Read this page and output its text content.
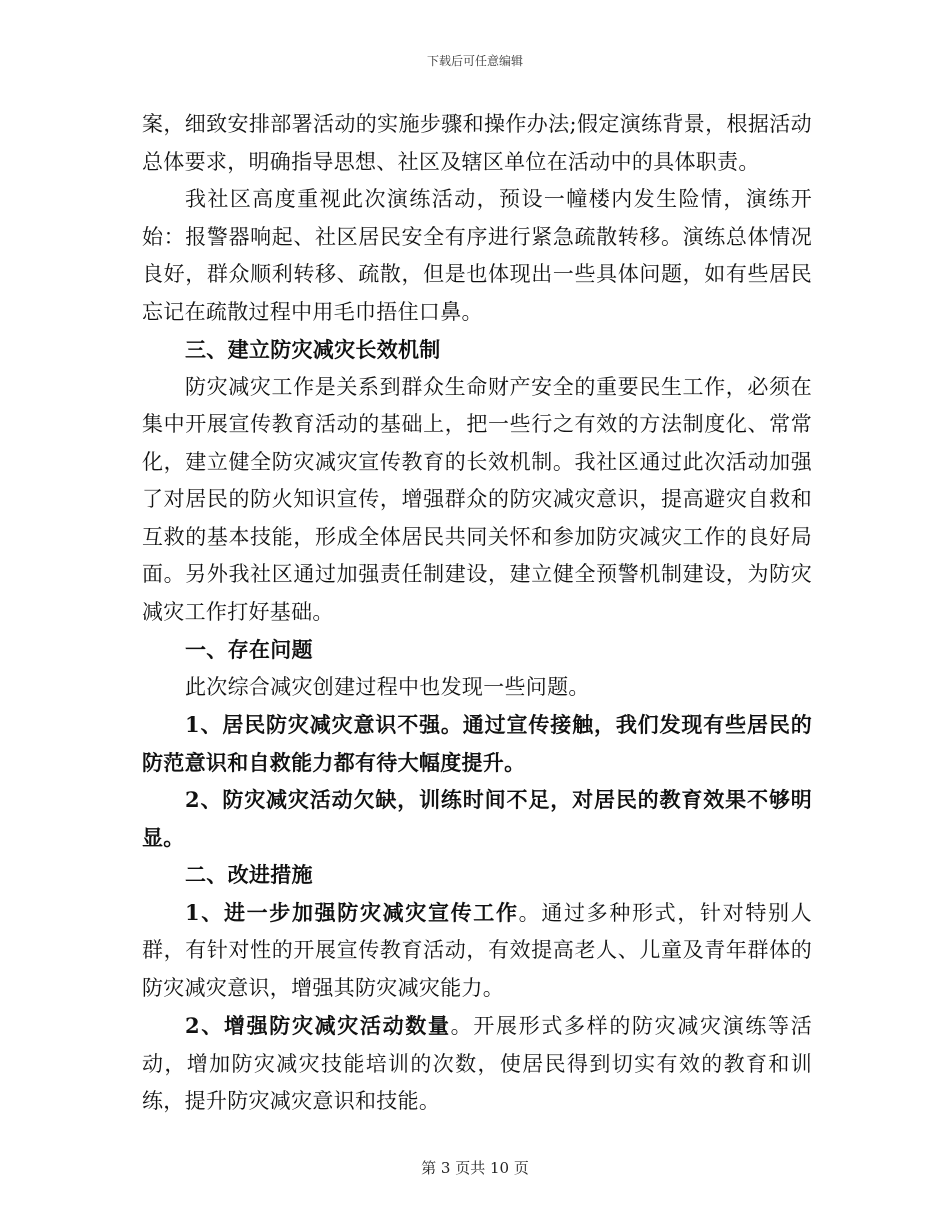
下载后可任意编辑

案，细致安排部署活动的实施步骤和操作办法;假定演练背景，根据活动总体要求，明确指导思想、社区及辖区单位在活动中的具体职责。

我社区高度重视此次演练活动，预设一幢楼内发生险情，演练开始：报警器响起、社区居民安全有序进行紧急疏散转移。演练总体情况良好，群众顺利转移、疏散，但是也体现出一些具体问题，如有些居民忘记在疏散过程中用毛巾捂住口鼻。

三、建立防灾减灾长效机制

防灾减灾工作是关系到群众生命财产安全的重要民生工作，必须在集中开展宣传教育活动的基础上，把一些行之有效的方法制度化、常常化，建立健全防灾减灾宣传教育的长效机制。我社区通过此次活动加强了对居民的防火知识宣传，增强群众的防灾减灾意识，提高避灾自救和互救的基本技能，形成全体居民共同关怀和参加防灾减灾工作的良好局面。另外我社区通过加强责任制建设，建立健全预警机制建设，为防灾减灾工作打好基础。

一、存在问题

此次综合减灾创建过程中也发现一些问题。

1、居民防灾减灾意识不强。通过宣传接触，我们发现有些居民的防范意识和自救能力都有待大幅度提升。

2、防灾减灾活动欠缺，训练时间不足，对居民的教育效果不够明显。

二、改进措施

1、进一步加强防灾减灾宣传工作。通过多种形式，针对特别人群，有针对性的开展宣传教育活动，有效提高老人、儿童及青年群体的防灾减灾意识，增强其防灾减灾能力。

2、增强防灾减灾活动数量。开展形式多样的防灾减灾演练等活动，增加防灾减灾技能培训的次数，使居民得到切实有效的教育和训练，提升防灾减灾意识和技能。

第 3 页共 10 页
